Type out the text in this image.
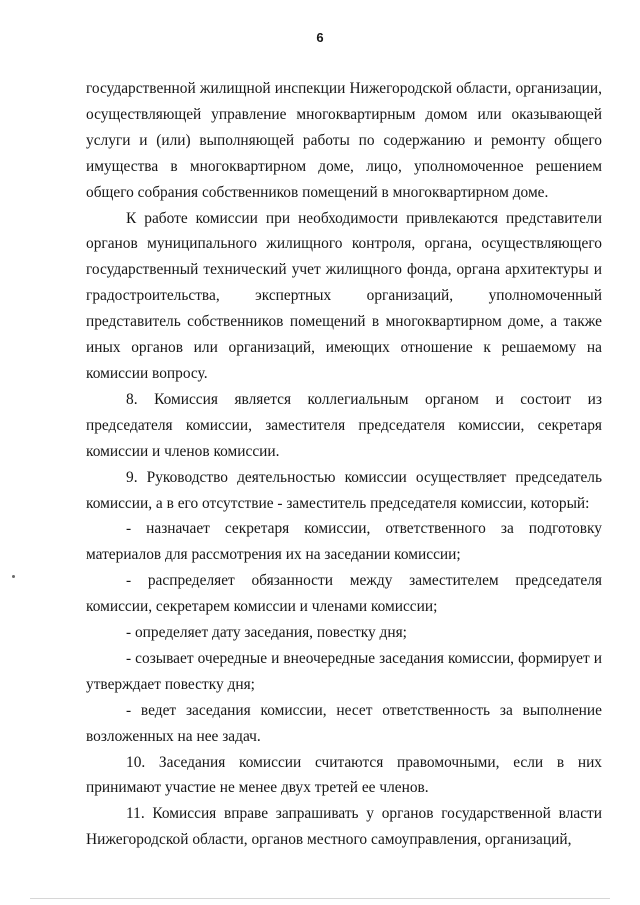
6

государственной жилищной инспекции Нижегородской области, организации, осуществляющей управление многоквартирным домом или оказывающей услуги и (или) выполняющей работы по содержанию и ремонту общего имущества в многоквартирном доме, лицо, уполномоченное решением общего собрания собственников помещений в многоквартирном доме.

К работе комиссии при необходимости привлекаются представители органов муниципального жилищного контроля, органа, осуществляющего государственный технический учет жилищного фонда, органа архитектуры и градостроительства, экспертных организаций, уполномоченный представитель собственников помещений в многоквартирном доме, а также иных органов или организаций, имеющих отношение к решаемому на комиссии вопросу.

8. Комиссия является коллегиальным органом и состоит из председателя комиссии, заместителя председателя комиссии, секретаря комиссии и членов комиссии.

9. Руководство деятельностью комиссии осуществляет председатель комиссии, а в его отсутствие - заместитель председателя комиссии, который:

- назначает секретаря комиссии, ответственного за подготовку материалов для рассмотрения их на заседании комиссии;

- распределяет обязанности между заместителем председателя комиссии, секретарем комиссии и членами комиссии;

- определяет дату заседания, повестку дня;

- созывает очередные и внеочередные заседания комиссии, формирует и утверждает повестку дня;

- ведет заседания комиссии, несет ответственность за выполнение возложенных на нее задач.

10. Заседания комиссии считаются правомочными, если в них принимают участие не менее двух третей ее членов.

11. Комиссия вправе запрашивать у органов государственной власти Нижегородской области, органов местного самоуправления, организаций,
